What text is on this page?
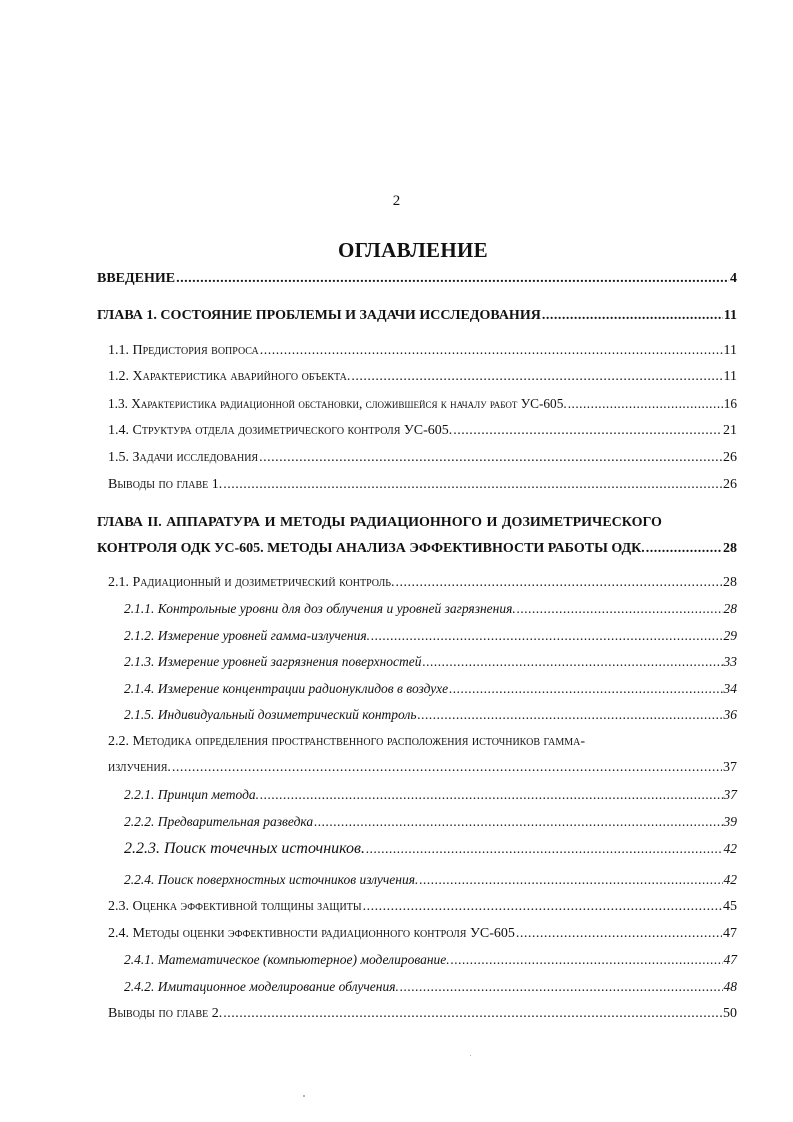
2
ОГЛАВЛЕНИЕ
ВВЕДЕНИЕ .....	4
ГЛАВА 1. СОСТОЯНИЕ ПРОБЛЕМЫ И ЗАДАЧИ ИССЛЕДОВАНИЯ .....	11
1.1. Предистория вопроса .....	11
1.2. Характеристика аварийного объекта. .....	11
1.3. Характеристика радиационной обстановки, сложившейся к началу работ УС-605. .....	16
1.4. Структура отдела дозиметрического контроля УС-605. .....	21
1.5. Задачи исследования .....	26
Выводы по главе 1. .....	26
ГЛАВА II. АППАРАТУРА И МЕТОДЫ РАДИАЦИОННОГО И ДОЗИМЕТРИЧЕСКОГО
КОНТРОЛЯ ОДК УС-605. МЕТОДЫ АНАЛИЗА ЭФФЕКТИВНОСТИ РАБОТЫ ОДК. .....	28
2.1. Радиационный и дозиметрический контроль. .....	28
2.1.1. Контрольные уровни для доз облучения и уровней загрязнения. .....	28
2.1.2. Измерение уровней гамма-излучения. .....	29
2.1.3. Измерение уровней загрязнения поверхностей .....	33
2.1.4. Измерение концентрации радионуклидов в воздухе .....	34
2.1.5. Индивидуальный дозиметрический контроль .....	36
2.2. Методика определения пространственного расположения источников гамма-
излучения. .....	37
2.2.1. Принцип метода. .....	37
2.2.2. Предварительная разведка .....	39
2.2.3. Поиск точечных источников. .....	42
2.2.4. Поиск поверхностных источников излучения. .....	42
2.3. Оценка эффективной толщины защиты .....	45
2.4. Методы оценки эффективности радиационного контроля УС-605 .....	47
2.4.1. Математическое (компьютерное) моделирование. .....	47
2.4.2. Имитационное моделирование облучения. .....	48
Выводы по главе 2. .....	50
